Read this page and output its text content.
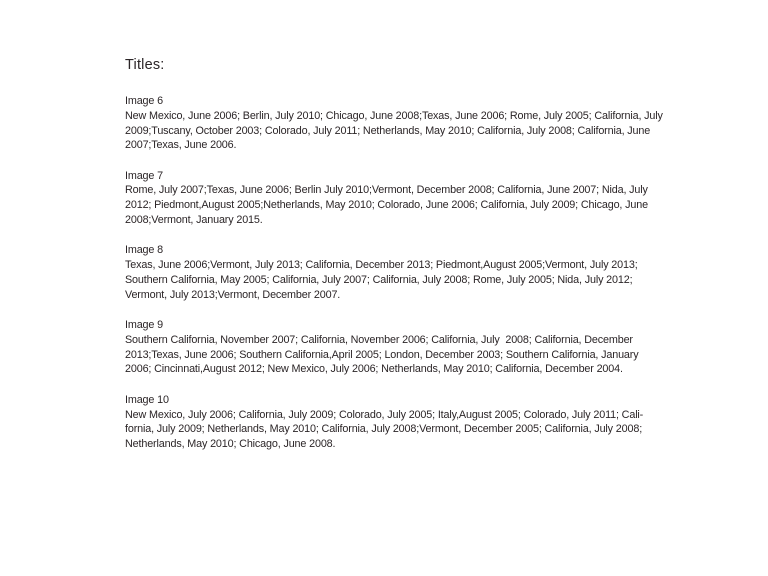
Titles:
Image 6
New Mexico, June 2006; Berlin, July 2010; Chicago, June 2008;Texas, June 2006; Rome, July 2005; California, July
2009;Tuscany, October 2003; Colorado, July 2011; Netherlands, May 2010; California, July 2008; California, June
2007;Texas, June 2006.
Image 7
Rome, July 2007;Texas, June 2006; Berlin July 2010;Vermont, December 2008; California, June 2007; Nida, July
2012; Piedmont,August 2005;Netherlands, May 2010; Colorado, June 2006; California, July 2009; Chicago, June
2008;Vermont, January 2015.
Image 8
Texas, June 2006;Vermont, July 2013; California, December 2013; Piedmont,August 2005;Vermont, July 2013;
Southern California, May 2005; California, July 2007; California, July 2008; Rome, July 2005; Nida, July 2012;
Vermont, July 2013;Vermont, December 2007.
Image 9
Southern California, November 2007; California, November 2006; California, July  2008; California, December
2013;Texas, June 2006; Southern California,April 2005; London, December 2003; Southern California, January
2006; Cincinnati,August 2012; New Mexico, July 2006; Netherlands, May 2010; California, December 2004.
Image 10
New Mexico, July 2006; California, July 2009; Colorado, July 2005; Italy,August 2005; Colorado, July 2011; Cali-
fornia, July 2009; Netherlands, May 2010; California, July 2008;Vermont, December 2005; California, July 2008;
Netherlands, May 2010; Chicago, June 2008.
